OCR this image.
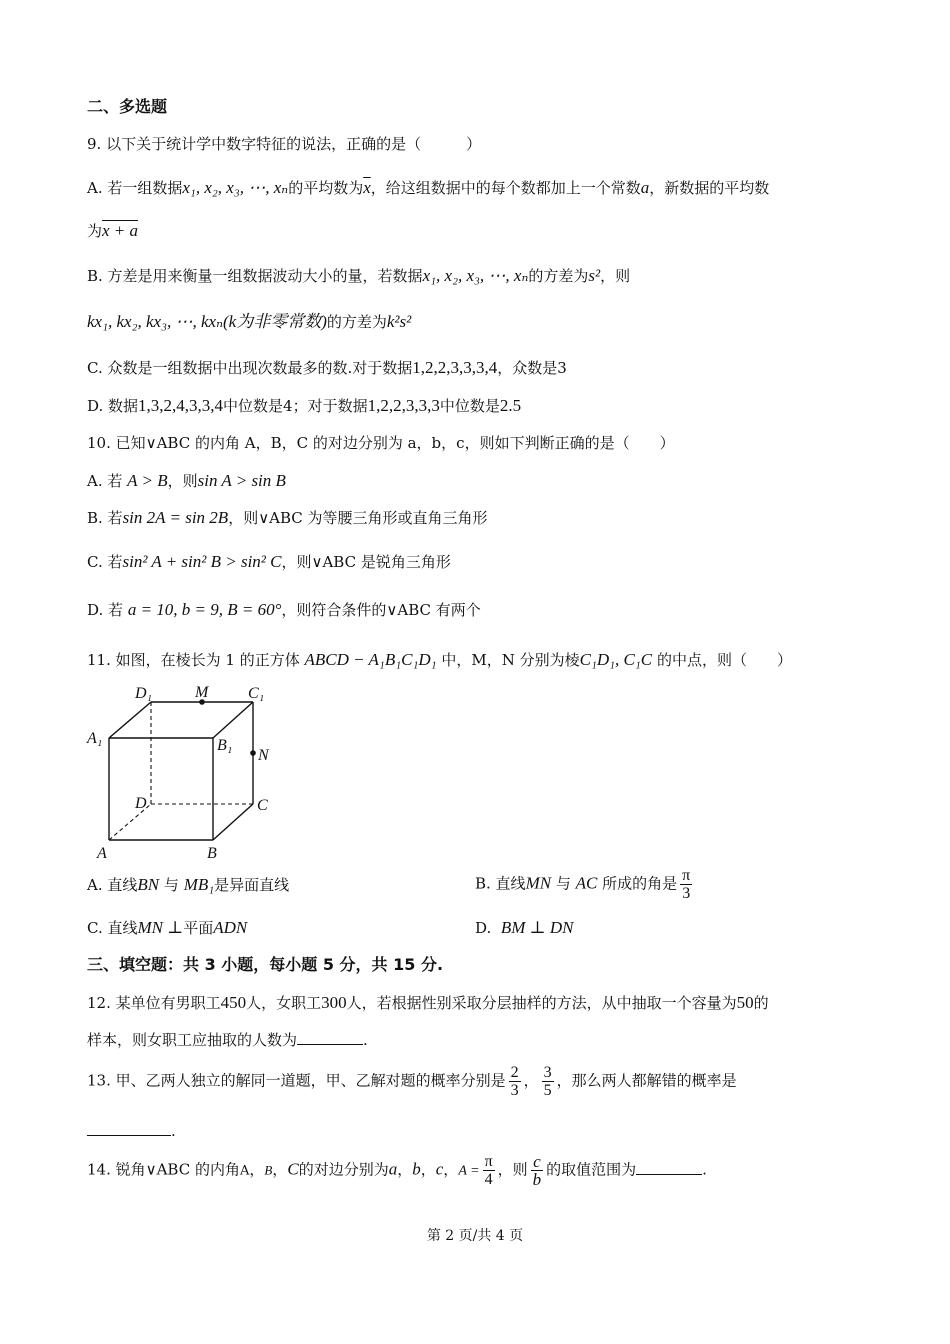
二、多选题
9. 以下关于统计学中数字特征的说法，正确的是（　　　）
A. 若一组数据x₁, x₂, x₃, ⋯, xₙ的平均数为$\overline{x}$，给这组数据中的每个数都加上一个常数a，新数据的平均数
为x + a
B. 方差是用来衡量一组数据波动大小的量，若数据x₁, x₂, x₃, ⋯, xₙ的方差为s²，则
kx₁, kx₂, kx₃, ⋯, kxₙ(k为非零常数)的方差为k²s²
C. 众数是一组数据中出现次数最多的数.对于数据1,2,2,3,3,3,4，众数是3
D. 数据1,3,2,4,3,3,4中位数是4；对于数据1,2,2,3,3,3中位数是2.5
10. 已知∨ABC 的内角 A，B，C 的对边分别为 a，b，c，则如下判断正确的是（　　）
A. 若 A > B，则sin A > sin B
B. 若sin 2A = sin 2B，则∨ABC 为等腰三角形或直角三角形
C. 若sin² A + sin² B > sin² C，则∨ABC 是锐角三角形
D. 若 a = 10, b = 9, B = 60°，则符合条件的∨ABC 有两个
11. 如图，在棱长为 1 的正方体 ABCD − A₁B₁C₁D₁ 中，M，N 分别为棱C₁D₁, C₁C 的中点，则（　　）
D₁	M C₁
A₁	B₁
N
D	C
A	B
A. 直线BN 与 MB₁是异面直线	B. 直线MN 与 AC 所成的角是 $\frac{\pi}{3}$
C. 直线MN ⊥平面ADN	D. BM ⊥ DN
三、填空题：共 3 小题，每小题 5 分，共 15 分.
12. 某单位有男职工450人，女职工300人，若根据性别采取分层抽样的方法，从中抽取一个容量为50的
样本，则女职工应抽取的人数为	.
13. 甲、乙两人独立的解同一道题，甲、乙解对题的概率分别是 $\frac{2}{3}$ ， $\frac{3}{5}$ ，那么两人都解错的概率是
.
14. 锐角∨ABC 的内角A，B，C的对边分别为a，b，c，$A = \frac{\pi}{4}$ ，则 $\frac{c}{b}$ 的取值范围为	.
第 2 页/共 4 页
